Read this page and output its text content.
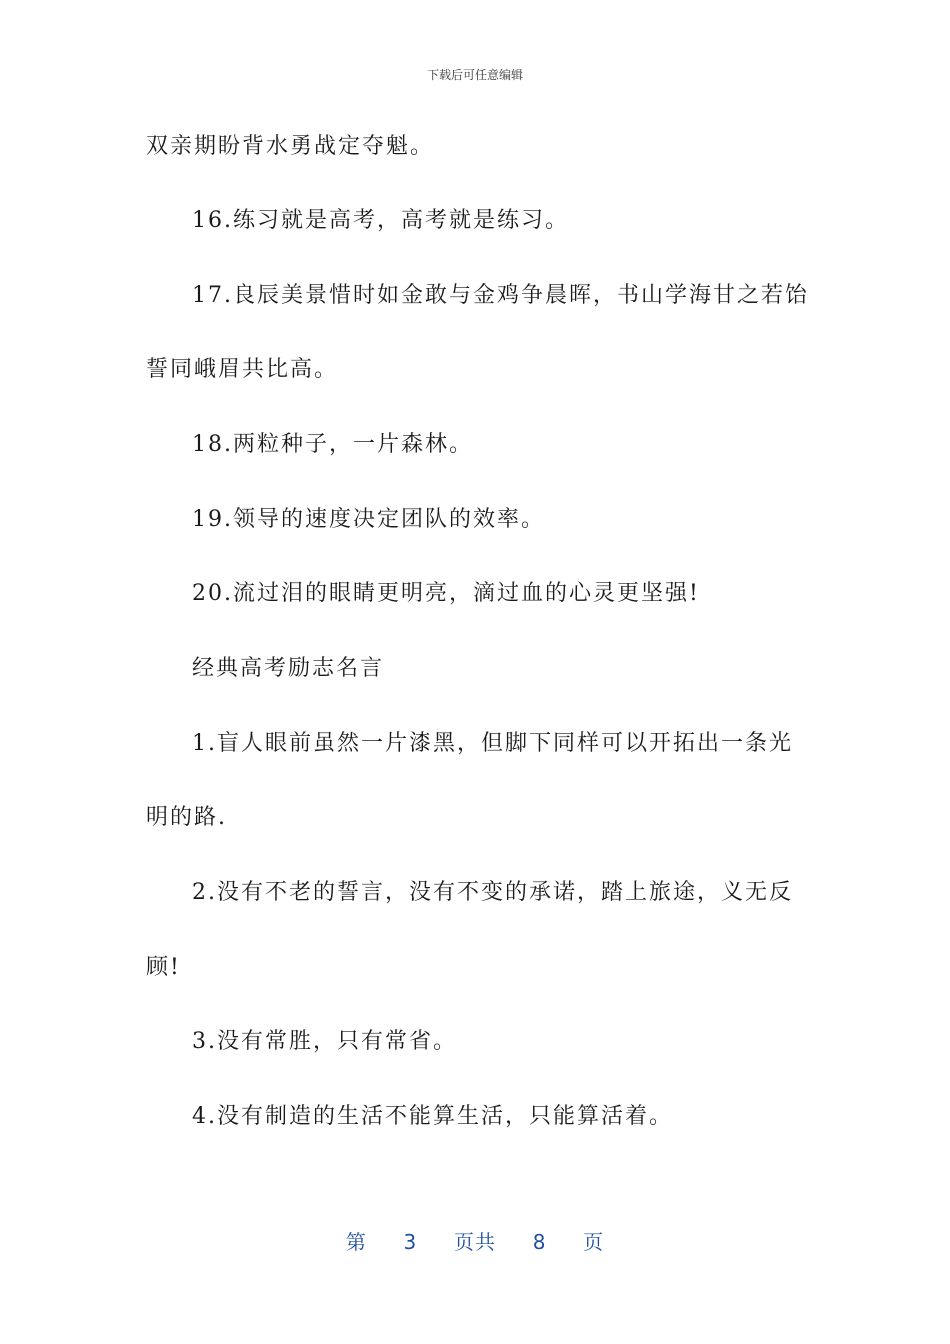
下载后可任意编辑
双亲期盼背水勇战定夺魁。
16.练习就是高考，高考就是练习。
17.良辰美景惜时如金敢与金鸡争晨晖，书山学海甘之若饴
誓同峨眉共比高。
18.两粒种子，一片森林。
19.领导的速度决定团队的效率。
20.流过泪的眼睛更明亮，滴过血的心灵更坚强!
经典高考励志名言
1.盲人眼前虽然一片漆黑，但脚下同样可以开拓出一条光
明的路.
2.没有不老的誓言，没有不变的承诺，踏上旅途，义无反
顾!
3.没有常胜，只有常省。
4.没有制造的生活不能算生活，只能算活着。
第 3 页共 8 页
